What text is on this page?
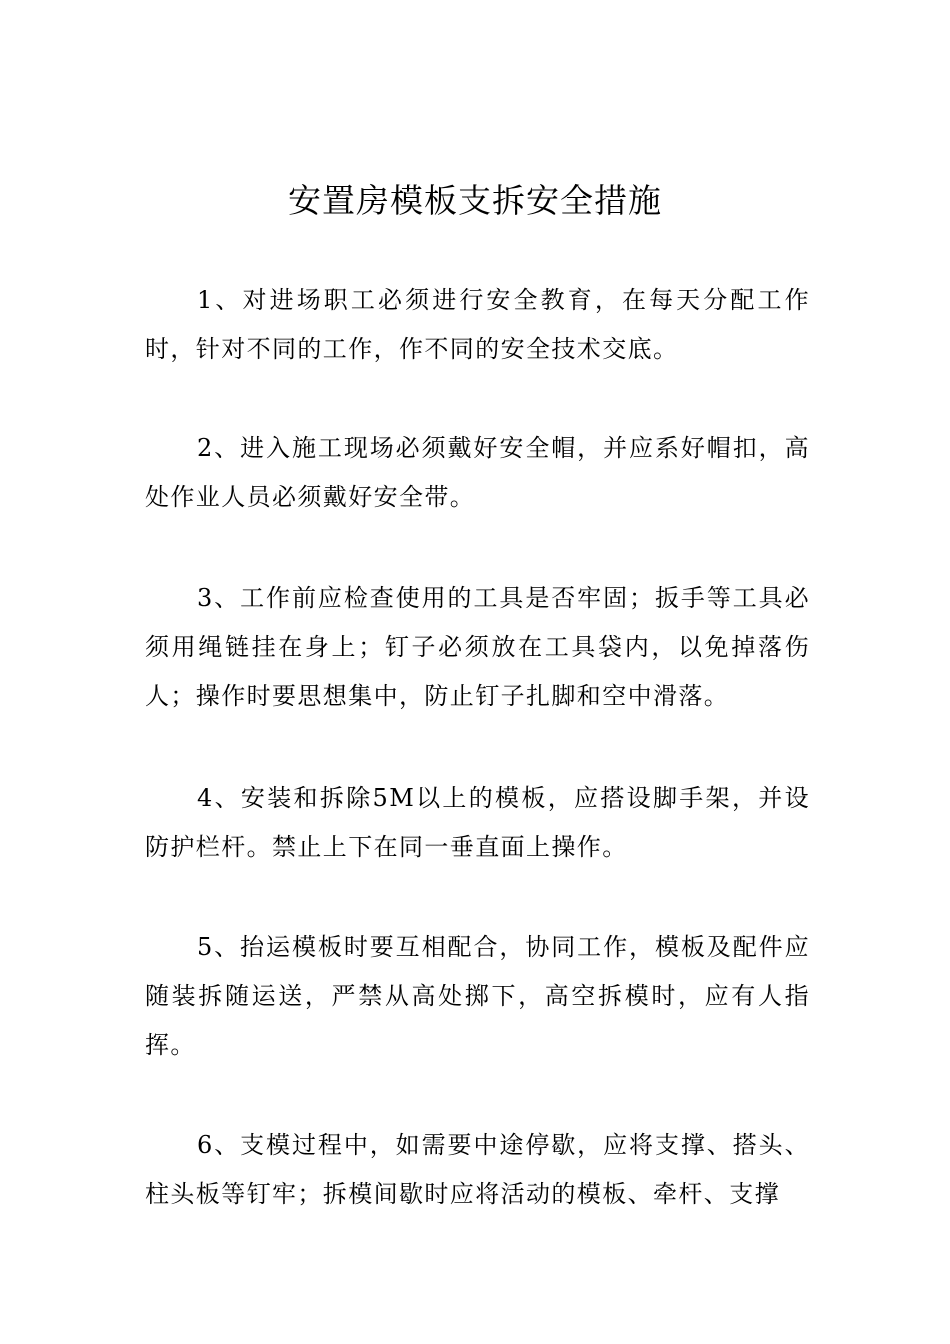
安置房模板支拆安全措施

1、对进场职工必须进行安全教育，在每天分配工作时，针对不同的工作，作不同的安全技术交底。

2、进入施工现场必须戴好安全帽，并应系好帽扣，高处作业人员必须戴好安全带。

3、工作前应检查使用的工具是否牢固；扳手等工具必须用绳链挂在身上；钉子必须放在工具袋内，以免掉落伤人；操作时要思想集中，防止钉子扎脚和空中滑落。

4、安装和拆除5M以上的模板，应搭设脚手架，并设防护栏杆。禁止上下在同一垂直面上操作。

5、抬运模板时要互相配合，协同工作，模板及配件应随装拆随运送，严禁从高处掷下，高空拆模时，应有人指挥。

6、支模过程中，如需要中途停歇，应将支撑、搭头、柱头板等钉牢；拆模间歇时应将活动的模板、牵杆、支撑
